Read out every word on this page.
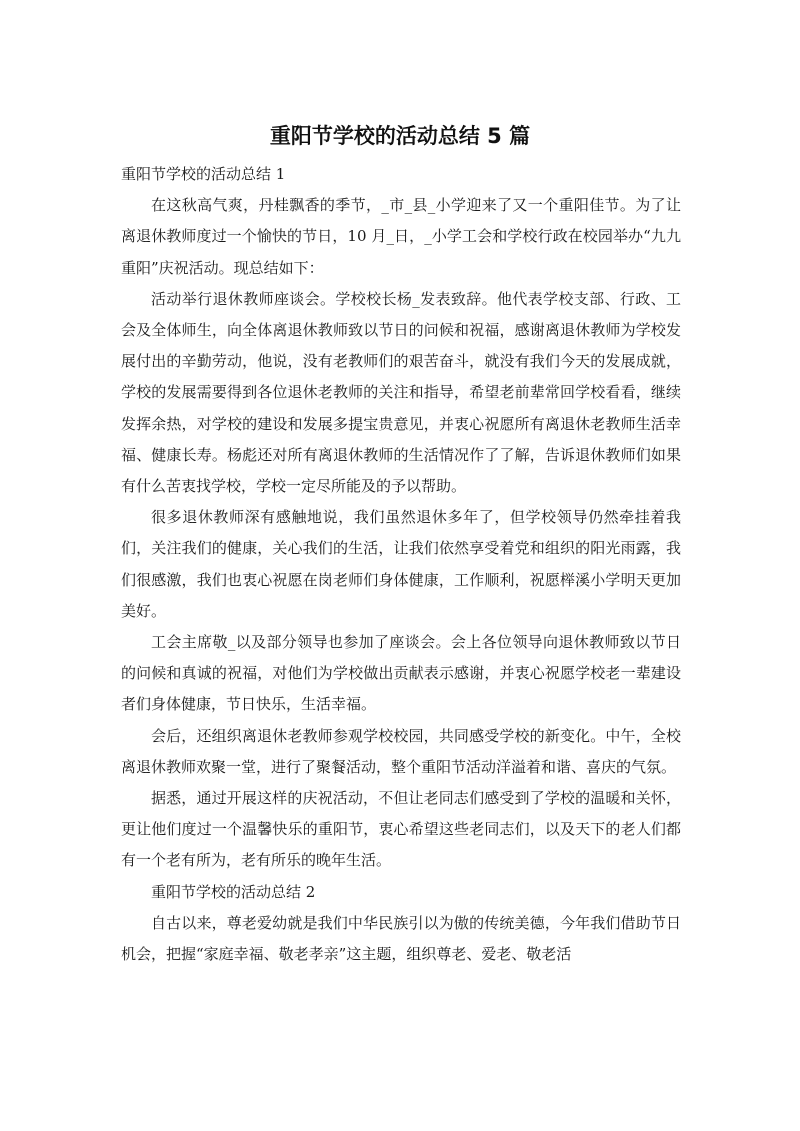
重阳节学校的活动总结 5 篇

重阳节学校的活动总结 1

在这秋高气爽，丹桂飘香的季节，_市_县_小学迎来了又一个重阳佳节。为了让离退休教师度过一个愉快的节日，10 月_日，_小学工会和学校行政在校园举办“九九重阳”庆祝活动。现总结如下：

活动举行退休教师座谈会。学校校长杨_发表致辞。他代表学校支部、行政、工会及全体师生，向全体离退休教师致以节日的问候和祝福，感谢离退休教师为学校发展付出的辛勤劳动，他说，没有老教师们的艰苦奋斗，就没有我们今天的发展成就，学校的发展需要得到各位退休老教师的关注和指导，希望老前辈常回学校看看，继续发挥余热，对学校的建设和发展多提宝贵意见，并衷心祝愿所有离退休老教师生活幸福、健康长寿。杨彪还对所有离退休教师的生活情况作了了解，告诉退休教师们如果有什么苦衷找学校，学校一定尽所能及的予以帮助。

很多退休教师深有感触地说，我们虽然退休多年了，但学校领导仍然牵挂着我们，关注我们的健康，关心我们的生活，让我们依然享受着党和组织的阳光雨露，我们很感激，我们也衷心祝愿在岗老师们身体健康，工作顺利，祝愿榉溪小学明天更加美好。

工会主席敬_以及部分领导也参加了座谈会。会上各位领导向退休教师致以节日的问候和真诚的祝福，对他们为学校做出贡献表示感谢，并衷心祝愿学校老一辈建设者们身体健康，节日快乐，生活幸福。

会后，还组织离退休老教师参观学校校园，共同感受学校的新变化。中午，全校离退休教师欢聚一堂，进行了聚餐活动，整个重阳节活动洋溢着和谐、喜庆的气氛。

据悉，通过开展这样的庆祝活动，不但让老同志们感受到了学校的温暖和关怀，更让他们度过一个温馨快乐的重阳节，衷心希望这些老同志们，以及天下的老人们都有一个老有所为，老有所乐的晚年生活。

重阳节学校的活动总结 2

自古以来，尊老爱幼就是我们中华民族引以为傲的传统美德，今年我们借助节日机会，把握“家庭幸福、敬老孝亲”这主题，组织尊老、爱老、敬老活
